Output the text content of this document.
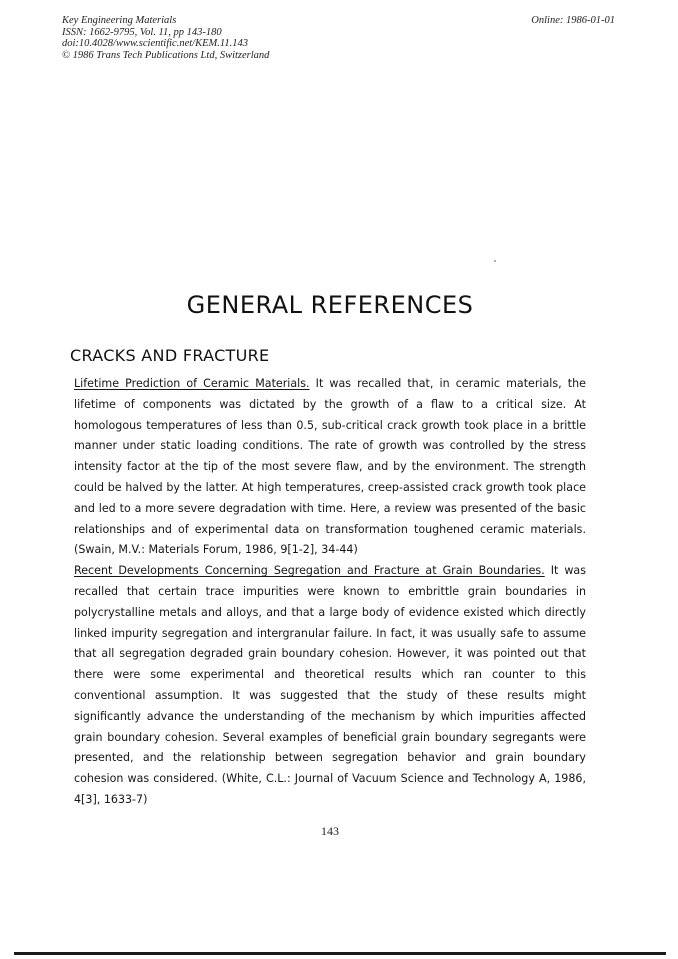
Key Engineering Materials
ISSN: 1662-9795, Vol. 11, pp 143-180
doi:10.4028/www.scientific.net/KEM.11.143
© 1986 Trans Tech Publications Ltd, Switzerland
Online: 1986-01-01
GENERAL REFERENCES
CRACKS AND FRACTURE

Lifetime Prediction of Ceramic Materials. It was recalled that, in ceramic materials, the lifetime of components was dictated by the growth of a flaw to a critical size. At homologous temperatures of less than 0.5, sub-critical crack growth took place in a brittle manner under static loading conditions. The rate of growth was controlled by the stress intensity factor at the tip of the most severe flaw, and by the environment. The strength could be halved by the latter. At high temperatures, creep-assisted crack growth took place and led to a more severe degradation with time. Here, a review was presented of the basic relationships and of experimental data on transformation toughened ceramic materials. (Swain, M.V.: Materials Forum, 1986, 9[1-2], 34-44)

Recent Developments Concerning Segregation and Fracture at Grain Boundaries. It was recalled that certain trace impurities were known to embrittle grain boundaries in polycrystalline metals and alloys, and that a large body of evidence existed which directly linked impurity segregation and intergranular failure. In fact, it was usually safe to assume that all segregation degraded grain boundary cohesion. However, it was pointed out that there were some experimental and theoretical results which ran counter to this conventional assumption. It was suggested that the study of these results might significantly advance the understanding of the mechanism by which impurities affected grain boundary cohesion. Several examples of beneficial grain boundary segregants were presented, and the relationship between segregation behavior and grain boundary cohesion was considered. (White, C.L.: Journal of Vacuum Science and Technology A, 1986, 4[3], 1633-7)

143
